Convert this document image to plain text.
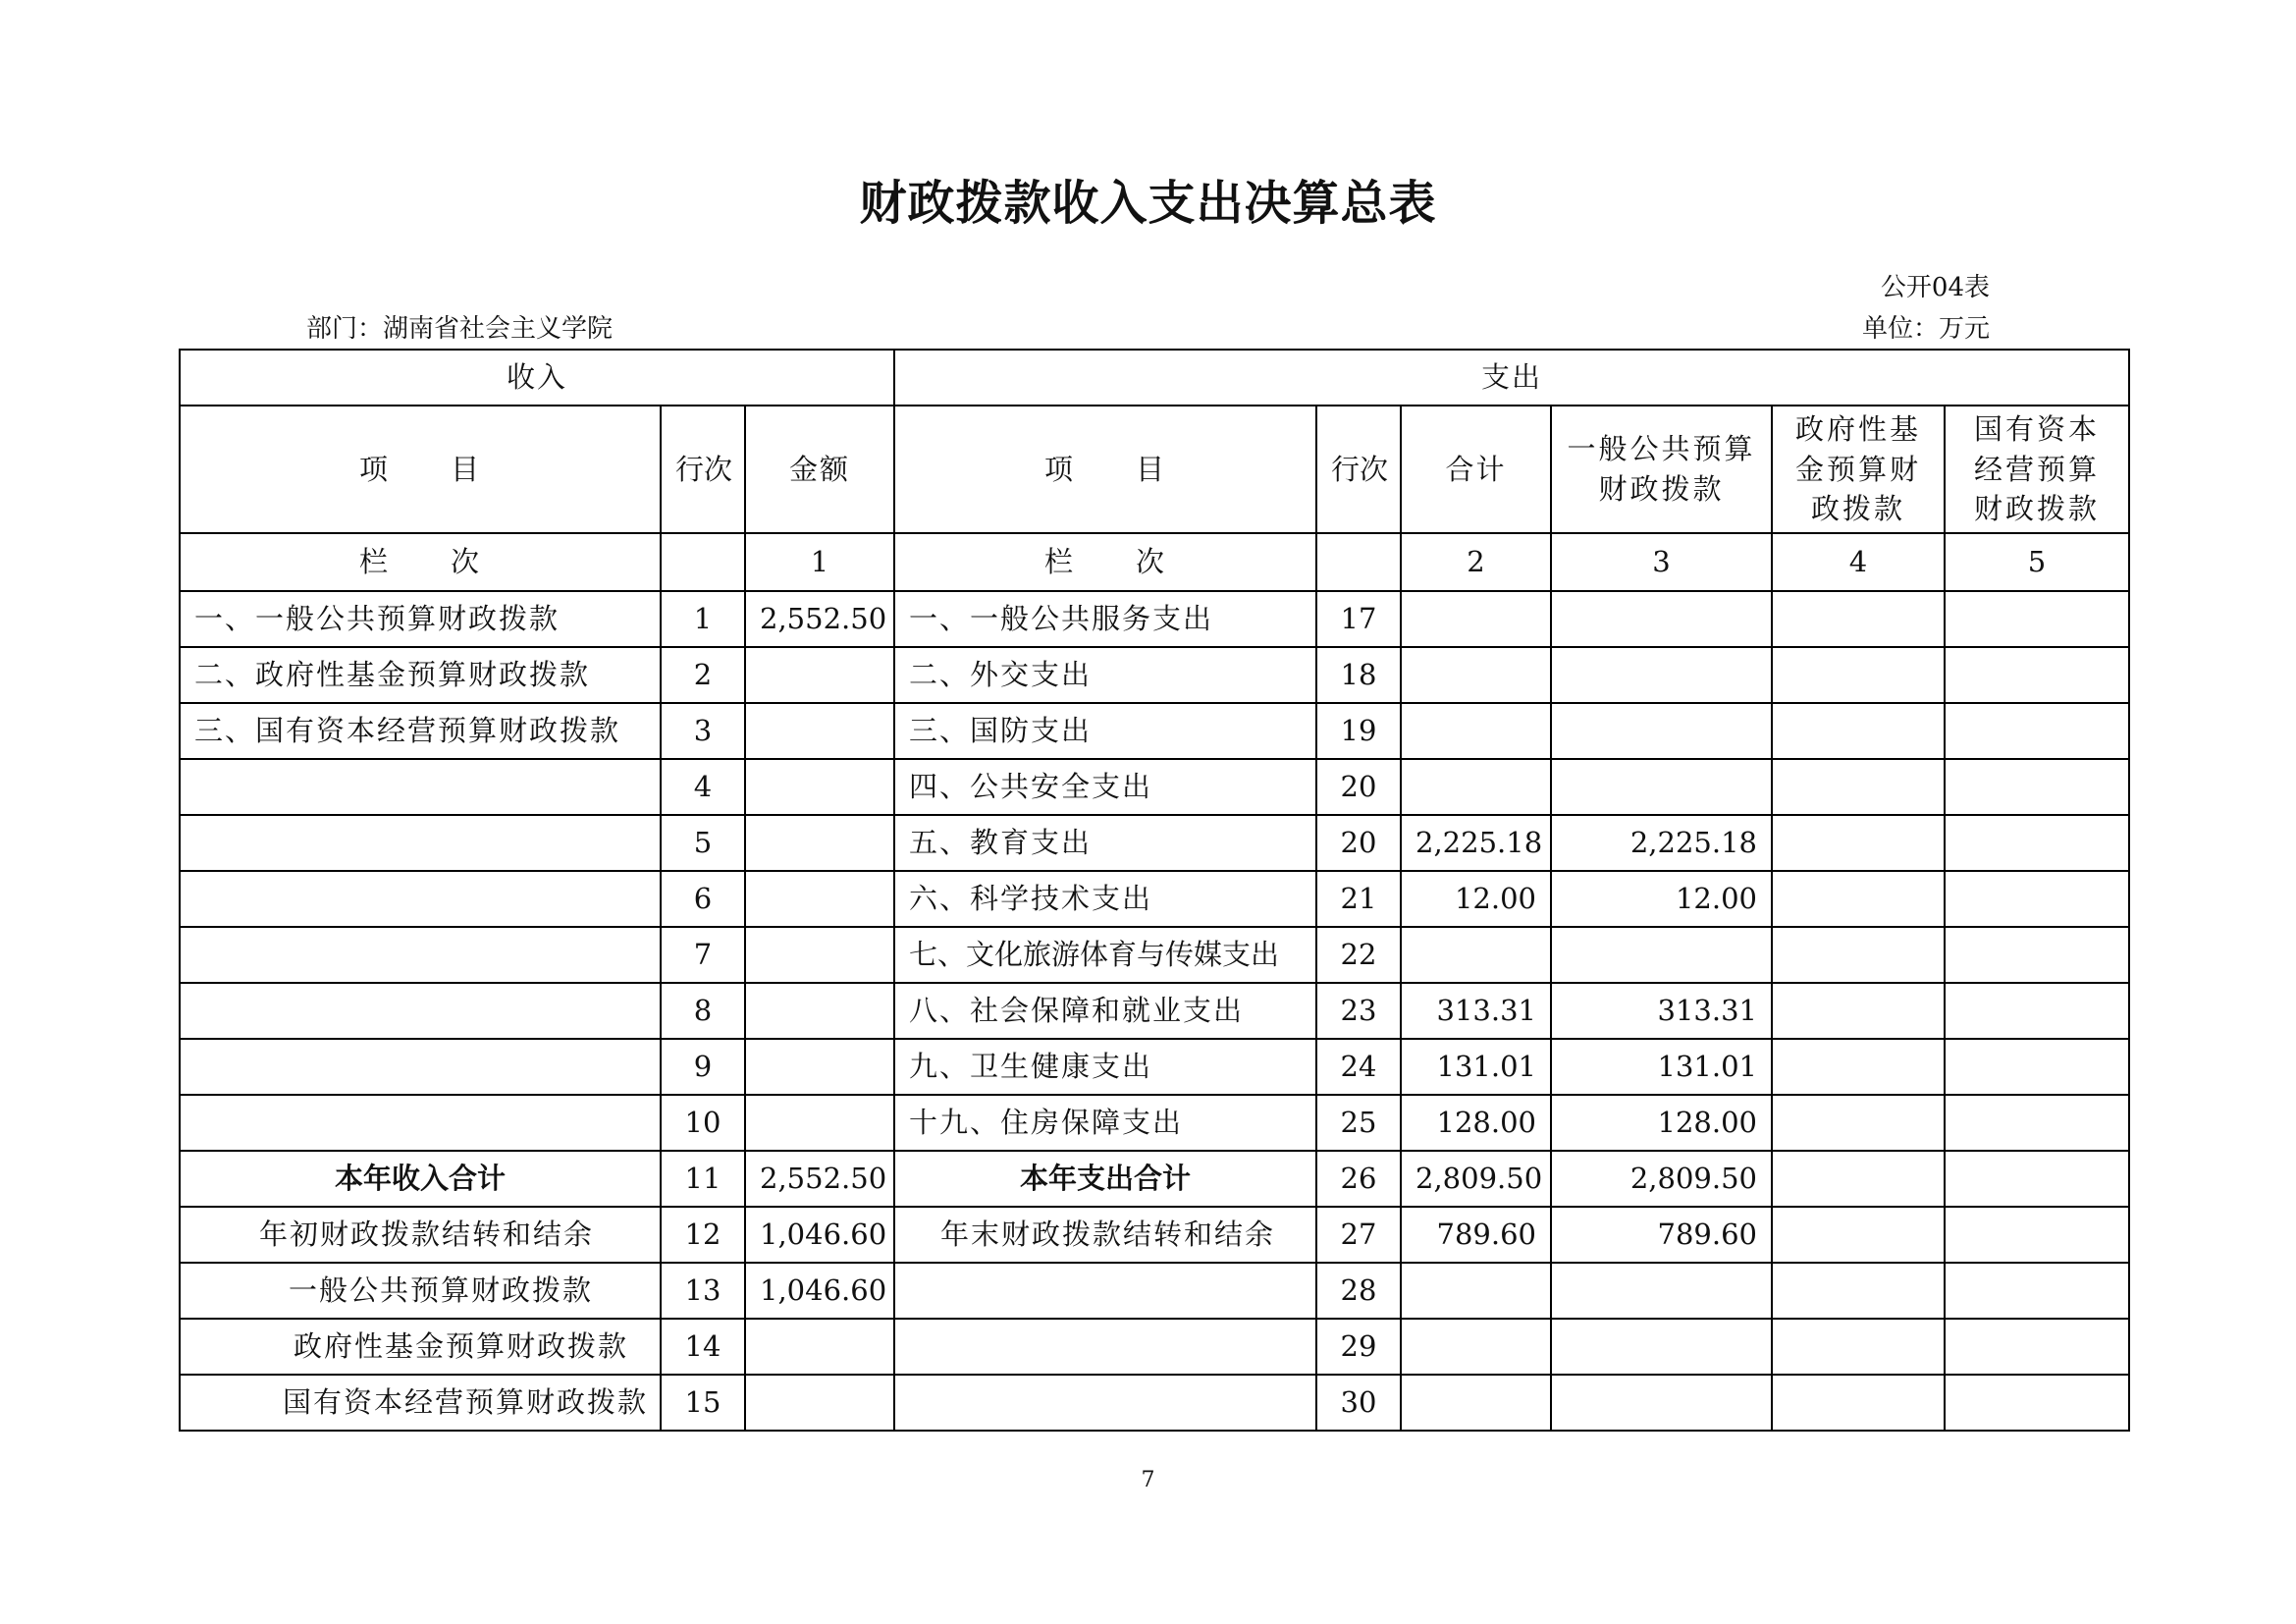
财政拨款收入支出决算总表
公开04表
部门：湖南省社会主义学院	单位：万元
收入			支出					
项　　目	行次	金额	项　　目	行次	合计	一般公共预算财政拨款	政府性基金预算财政拨款	国有资本经营预算财政拨款
栏　　次		1	栏　　次		2	3	4	5
一、一般公共预算财政拨款	1	2,552.50	一、一般公共服务支出	17				
二、政府性基金预算财政拨款	2		二、外交支出	18				
三、国有资本经营预算财政拨款	3		三、国防支出	19				
	4		四、公共安全支出	20				
	5		五、教育支出	20	2,225.18	2,225.18		
	6		六、科学技术支出	21	12.00	12.00		
	7		七、文化旅游体育与传媒支出	22				
	8		八、社会保障和就业支出	23	313.31	313.31		
	9		九、卫生健康支出	24	131.01	131.01		
	10		十九、住房保障支出	25	128.00	128.00		
本年收入合计	11	2,552.50	本年支出合计	26	2,809.50	2,809.50		
年初财政拨款结转和结余	12	1,046.60	年末财政拨款结转和结余	27	789.60	789.60		
一般公共预算财政拨款	13	1,046.60		28				
政府性基金预算财政拨款	14			29				
国有资本经营预算财政拨款	15			30				
7
